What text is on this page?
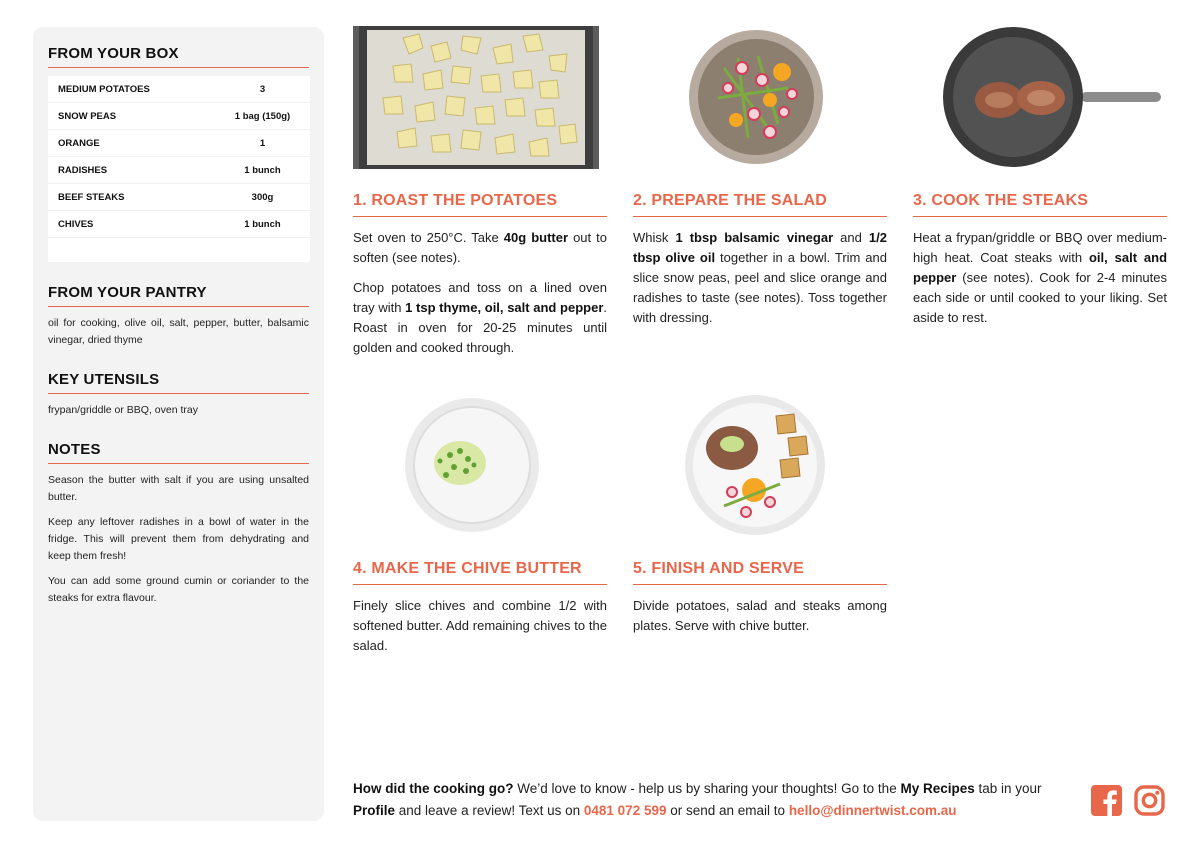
FROM YOUR BOX
MEDIUM POTATOES	3
SNOW PEAS	1 bag (150g)
ORANGE	1
RADISHES	1 bunch
BEEF STEAKS	300g
CHIVES	1 bunch

FROM YOUR PANTRY

oil for cooking, olive oil, salt, pepper, butter, balsamic vinegar, dried thyme

KEY UTENSILS

frypan/griddle or BBQ, oven tray

NOTES

Season the butter with salt if you are using unsalted butter.

Keep any leftover radishes in a bowl of water in the fridge. This will prevent them from dehydrating and keep them fresh!

You can add some ground cumin or coriander to the steaks for extra flavour.

1. ROAST THE POTATOES

Set oven to 250°C. Take 40g butter out to soften (see notes).

Chop potatoes and toss on a lined oven tray with 1 tsp thyme, oil, salt and pepper. Roast in oven for 20-25 minutes until golden and cooked through.

2. PREPARE THE SALAD

Whisk 1 tbsp balsamic vinegar and 1/2 tbsp olive oil together in a bowl. Trim and slice snow peas, peel and slice orange and radishes to taste (see notes). Toss together with dressing.

3. COOK THE STEAKS

Heat a frypan/griddle or BBQ over medium-high heat. Coat steaks with oil, salt and pepper (see notes). Cook for 2-4 minutes each side or until cooked to your liking. Set aside to rest.

4. MAKE THE CHIVE BUTTER

Finely slice chives and combine 1/2 with softened butter. Add remaining chives to the salad.

5. FINISH AND SERVE

Divide potatoes, salad and steaks among plates. Serve with chive butter.

How did the cooking go? We’d love to know - help us by sharing your thoughts! Go to the My Recipes tab in your Profile and leave a review! Text us on 0481 072 599 or send an email to hello@dinnertwist.com.au
